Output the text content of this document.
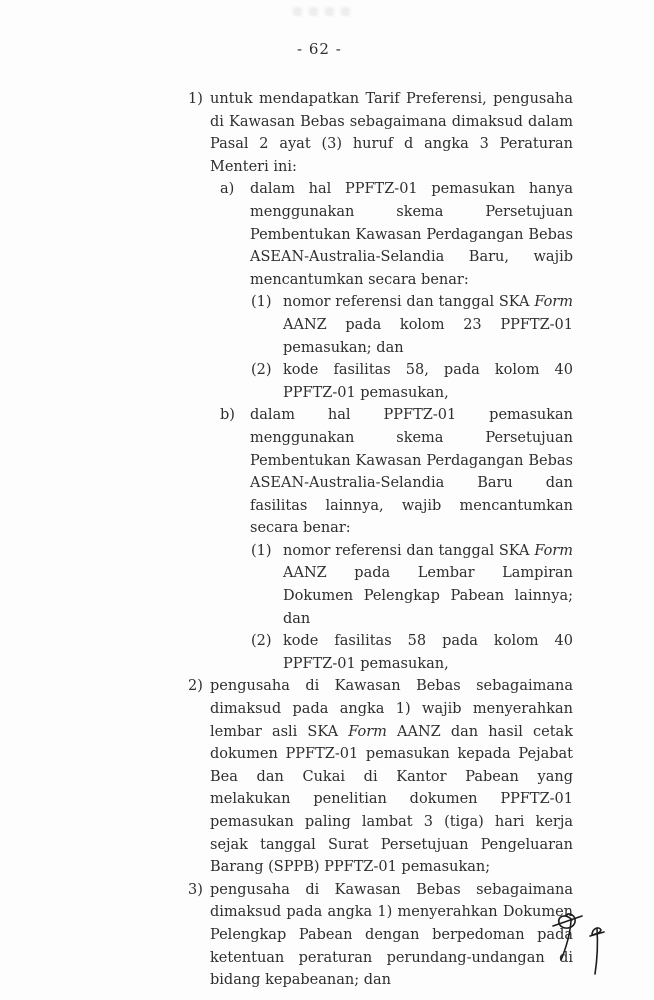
- 62 -
1) untuk mendapatkan Tarif Preferensi, pengusaha di Kawasan Bebas sebagaimana dimaksud dalam Pasal 2 ayat (3) huruf d angka 3 Peraturan Menteri ini:
a)	dalam hal PPFTZ-01 pemasukan hanya menggunakan skema Persetujuan Pembentukan Kawasan Perdagangan Bebas ASEAN-Australia-Selandia Baru, wajib mencantumkan secara benar:
(1) nomor referensi dan tanggal SKA Form AANZ pada kolom 23 PPFTZ-01 pemasukan; dan
(2) kode fasilitas 58, pada kolom 40 PPFTZ-01 pemasukan,
b)	dalam hal PPFTZ-01 pemasukan menggunakan skema Persetujuan Pembentukan Kawasan Perdagangan Bebas ASEAN-Australia-Selandia Baru dan fasilitas lainnya, wajib mencantumkan secara benar:
(1) nomor referensi dan tanggal SKA Form AANZ pada Lembar Lampiran Dokumen Pelengkap Pabean lainnya; dan
(2) kode fasilitas 58 pada kolom 40 PPFTZ-01 pemasukan,
2) pengusaha di Kawasan Bebas sebagaimana dimaksud pada angka 1) wajib menyerahkan lembar asli SKA Form AANZ dan hasil cetak dokumen PPFTZ-01 pemasukan kepada Pejabat Bea dan Cukai di Kantor Pabean yang melakukan penelitian dokumen PPFTZ-01 pemasukan paling lambat 3 (tiga) hari kerja sejak tanggal Surat Persetujuan Pengeluaran Barang (SPPB) PPFTZ-01 pemasukan;
3) pengusaha di Kawasan Bebas sebagaimana dimaksud pada angka 1) menyerahkan Dokumen Pelengkap Pabean dengan berpedoman pada ketentuan peraturan perundang-undangan di bidang kepabeanan; dan
